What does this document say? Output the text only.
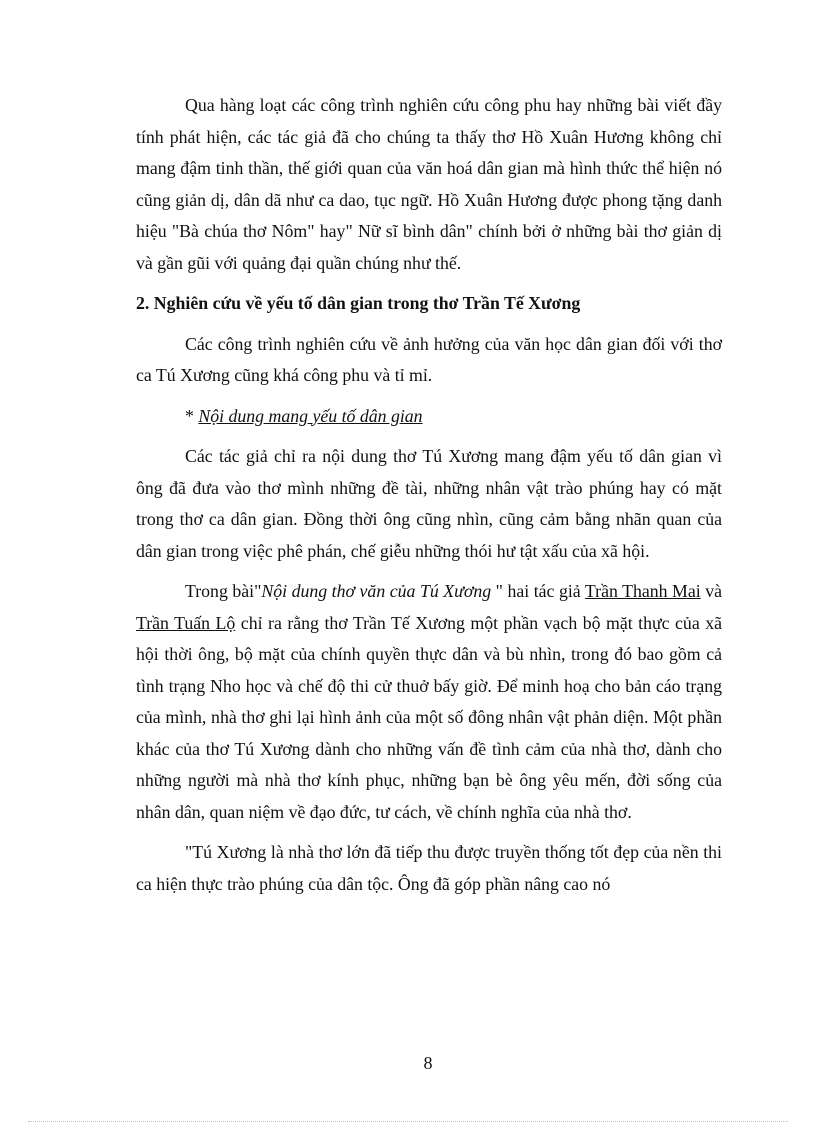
Qua hàng loạt các công trình nghiên cứu công phu hay những bài viết đầy tính phát hiện, các tác giả đã cho chúng ta thấy thơ Hồ Xuân Hương không chỉ mang đậm tinh thần, thế giới quan của văn hoá dân gian mà hình thức thể hiện nó cũng giản dị, dân dã như ca dao, tục ngữ. Hồ Xuân Hương được phong tặng danh hiệu "Bà chúa thơ Nôm" hay" Nữ sĩ bình dân" chính bởi ở những bài thơ giản dị và gần gũi với quảng đại quần chúng như thế.

2. Nghiên cứu về yếu tố dân gian trong thơ Trần Tế Xương

Các công trình nghiên cứu về ảnh hưởng của văn học dân gian đối với thơ ca Tú Xương cũng khá công phu và tỉ mỉ.

* Nội dung mang yếu tố dân gian

Các tác giả chỉ ra nội dung thơ Tú Xương mang đậm yếu tố dân gian vì ông đã đưa vào thơ mình những đề tài, những nhân vật trào phúng hay có mặt trong thơ ca dân gian. Đồng thời ông cũng nhìn, cũng cảm bằng nhãn quan của dân gian trong việc phê phán, chế giễu những thói hư tật xấu của xã hội.

Trong bài"Nội dung thơ văn của Tú Xương " hai tác giả Trần Thanh Mai và Trần Tuấn Lộ chỉ ra rằng thơ Trần Tế Xương một phần vạch bộ mặt thực của xã hội thời ông, bộ mặt của chính quyền thực dân và bù nhìn, trong đó bao gồm cả tình trạng Nho học và chế độ thi cử thuở bấy giờ. Để minh hoạ cho bản cáo trạng của mình, nhà thơ ghi lại hình ảnh của một số đông nhân vật phản diện. Một phần khác của thơ Tú Xương dành cho những vấn đề tình cảm của nhà thơ, dành cho những người mà nhà thơ kính phục, những bạn bè ông yêu mến, đời sống của nhân dân, quan niệm về đạo đức, tư cách, về chính nghĩa của nhà thơ.

"Tú Xương là nhà thơ lớn đã tiếp thu được truyền thống tốt đẹp của nền thi ca hiện thực trào phúng của dân tộc. Ông đã góp phần nâng cao nó

8
